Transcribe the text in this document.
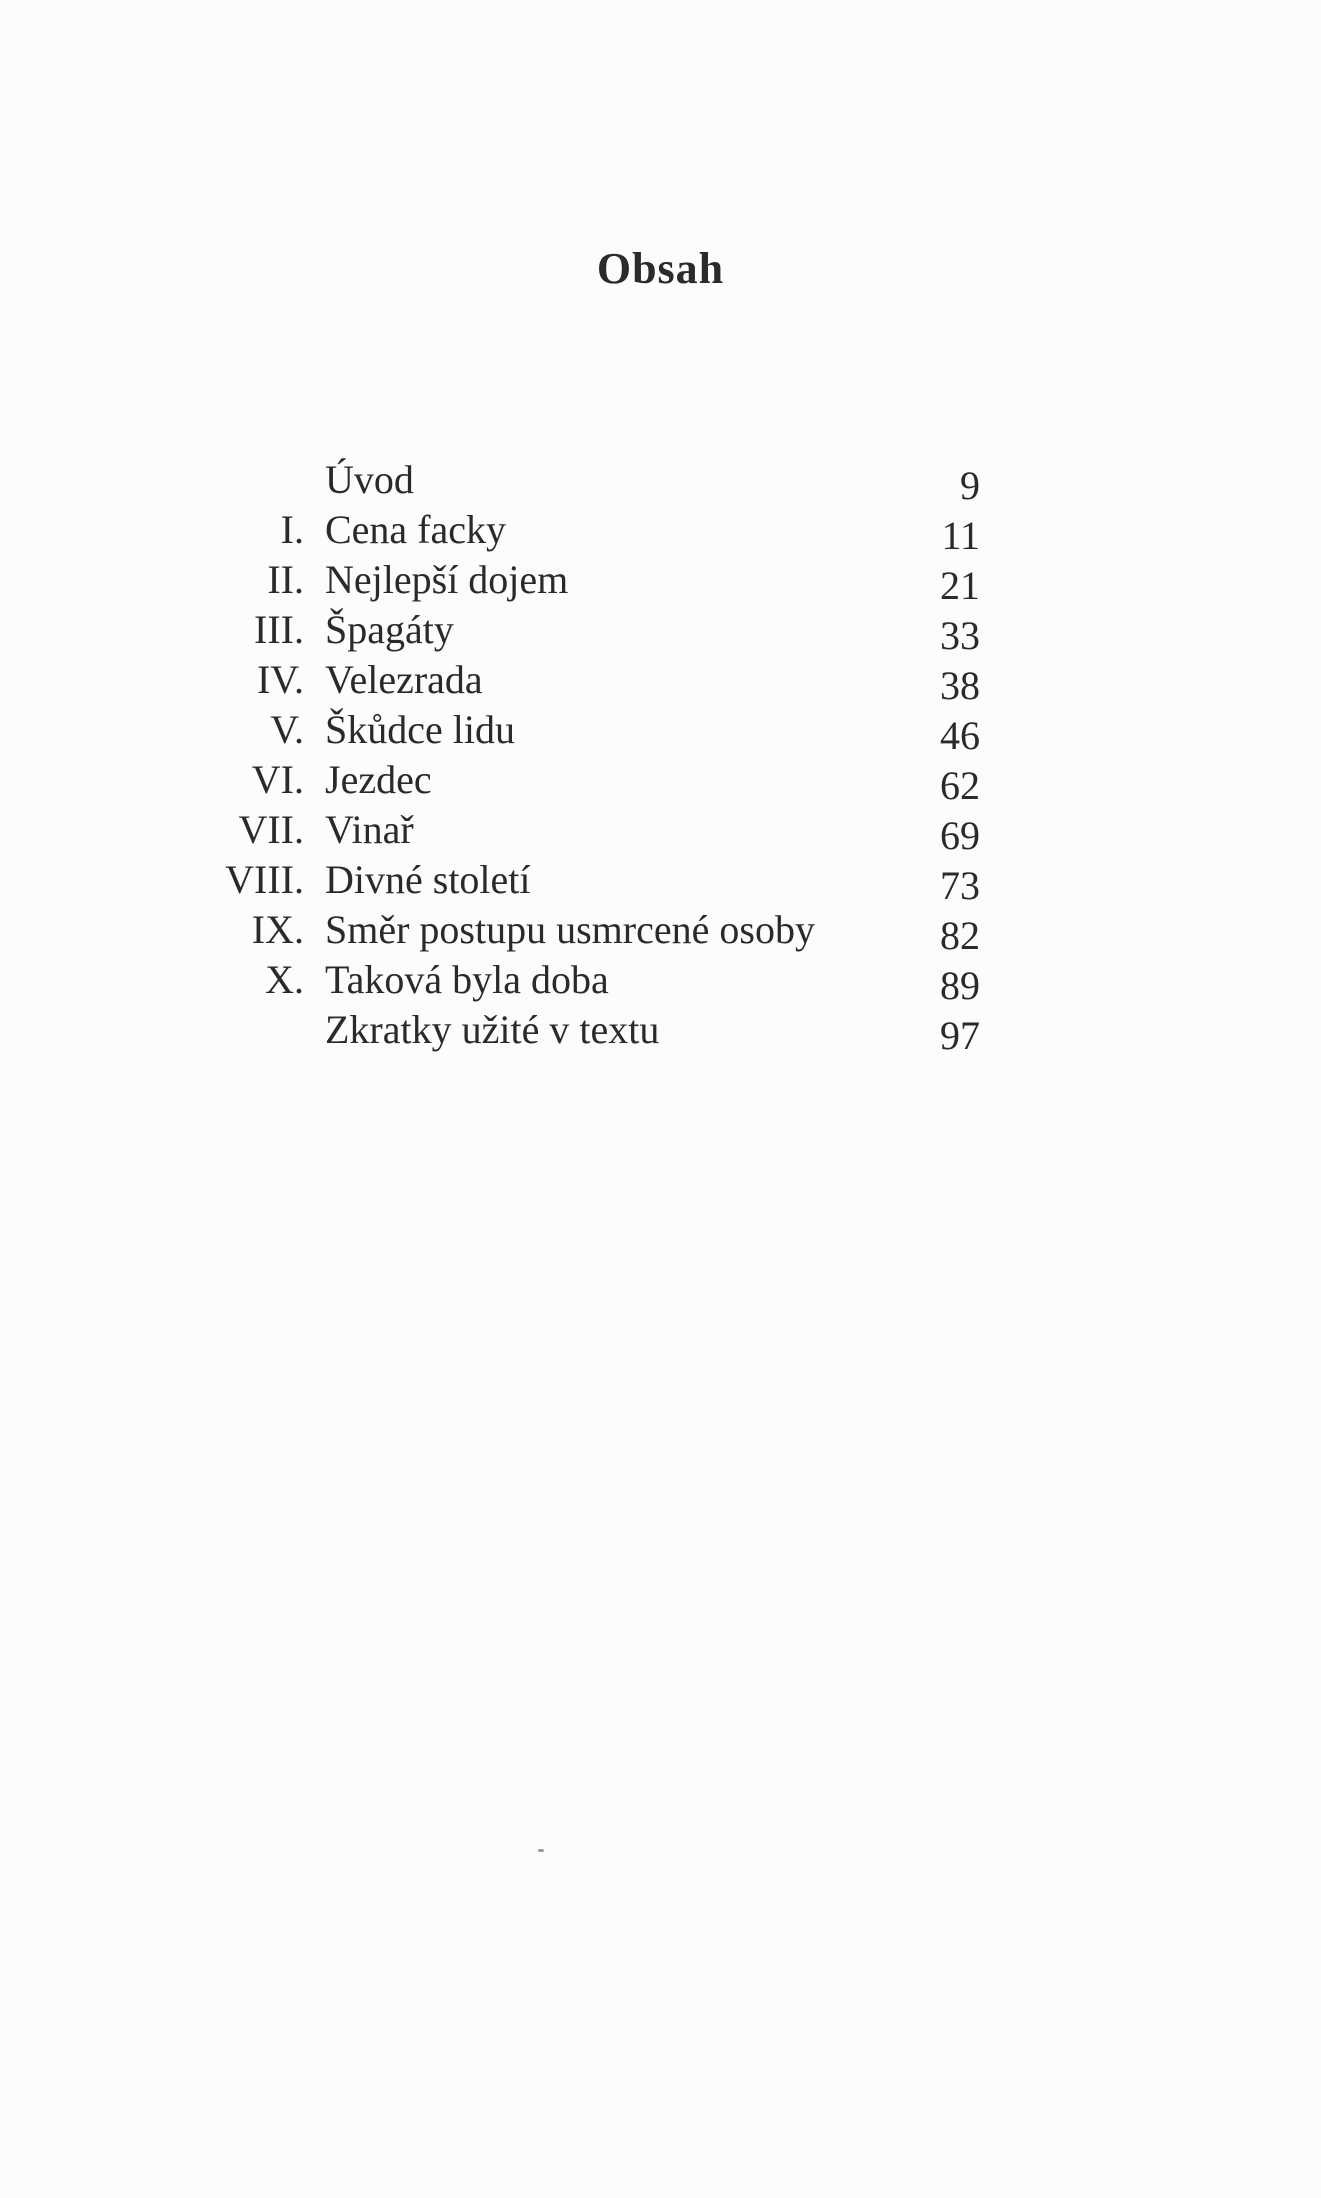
Obsah
Úvod	9
I. Cena facky	11
II. Nejlepší dojem	21
III. Špagáty	33
IV. Velezrada	38
V. Škůdce lidu	46
VI. Jezdec	62
VII. Vinař	69
VIII. Divné století	73
IX. Směr postupu usmrcené osoby	82
X. Taková byla doba	89
Zkratky užité v textu	97
